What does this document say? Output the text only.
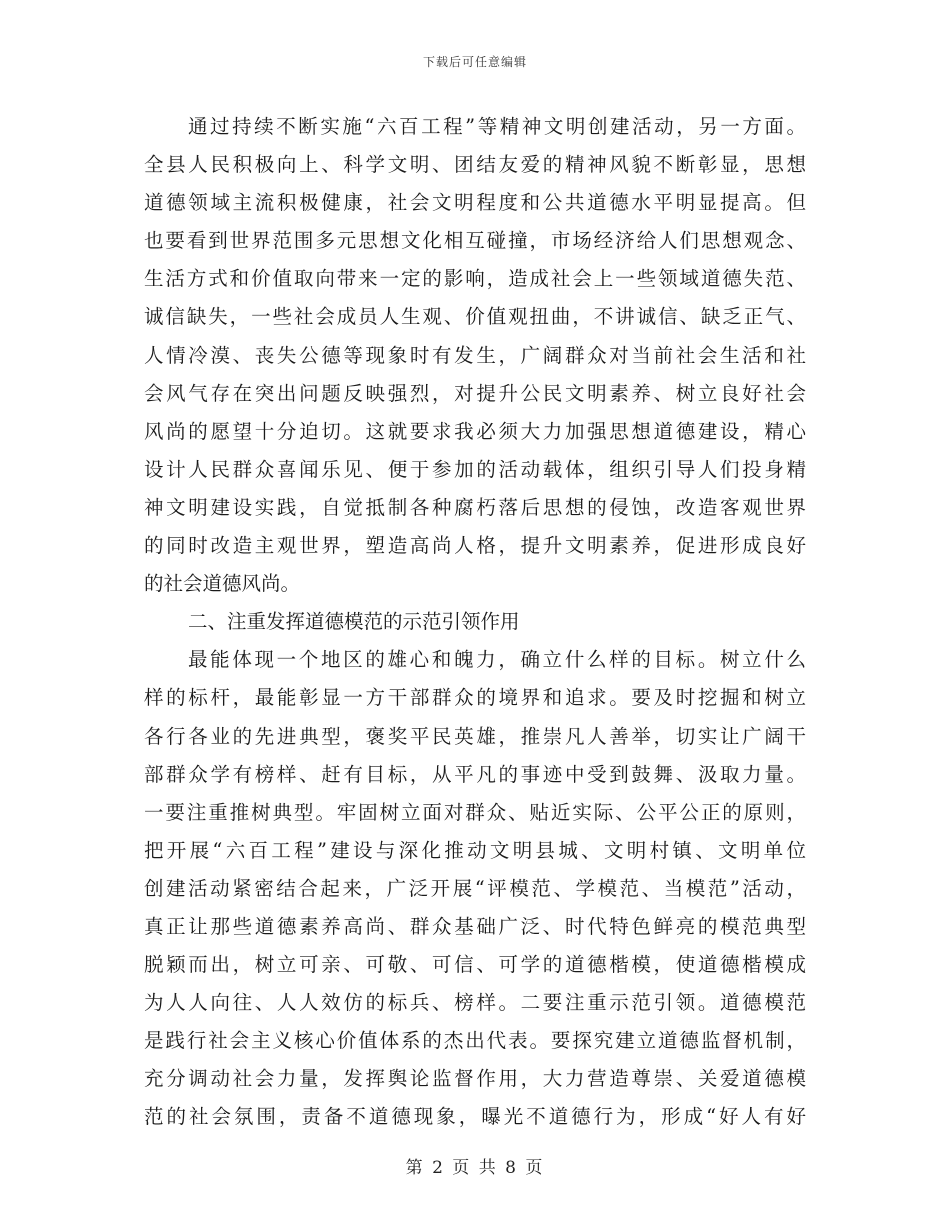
下载后可任意编辑
通过持续不断实施“六百工程”等精神文明创建活动，另一方面。
全县人民积极向上、科学文明、团结友爱的精神风貌不断彰显，思想
道德领域主流积极健康，社会文明程度和公共道德水平明显提高。但
也要看到世界范围多元思想文化相互碰撞，市场经济给人们思想观念、
生活方式和价值取向带来一定的影响，造成社会上一些领域道德失范、
诚信缺失，一些社会成员人生观、价值观扭曲，不讲诚信、缺乏正气、
人情冷漠、丧失公德等现象时有发生，广阔群众对当前社会生活和社
会风气存在突出问题反映强烈，对提升公民文明素养、树立良好社会
风尚的愿望十分迫切。这就要求我必须大力加强思想道德建设，精心
设计人民群众喜闻乐见、便于参加的活动载体，组织引导人们投身精
神文明建设实践，自觉抵制各种腐朽落后思想的侵蚀，改造客观世界
的同时改造主观世界，塑造高尚人格，提升文明素养，促进形成良好
的社会道德风尚。
二、注重发挥道德模范的示范引领作用
最能体现一个地区的雄心和魄力，确立什么样的目标。树立什么
样的标杆，最能彰显一方干部群众的境界和追求。要及时挖掘和树立
各行各业的先进典型，褒奖平民英雄，推崇凡人善举，切实让广阔干
部群众学有榜样、赶有目标，从平凡的事迹中受到鼓舞、汲取力量。
一要注重推树典型。牢固树立面对群众、贴近实际、公平公正的原则，
把开展“六百工程”建设与深化推动文明县城、文明村镇、文明单位
创建活动紧密结合起来，广泛开展“评模范、学模范、当模范”活动，
真正让那些道德素养高尚、群众基础广泛、时代特色鲜亮的模范典型
脱颖而出，树立可亲、可敬、可信、可学的道德楷模，使道德楷模成
为人人向往、人人效仿的标兵、榜样。二要注重示范引领。道德模范
是践行社会主义核心价值体系的杰出代表。要探究建立道德监督机制，
充分调动社会力量，发挥舆论监督作用，大力营造尊崇、关爱道德模
范的社会氛围，责备不道德现象，曝光不道德行为，形成“好人有好
第 2 页 共 8 页
